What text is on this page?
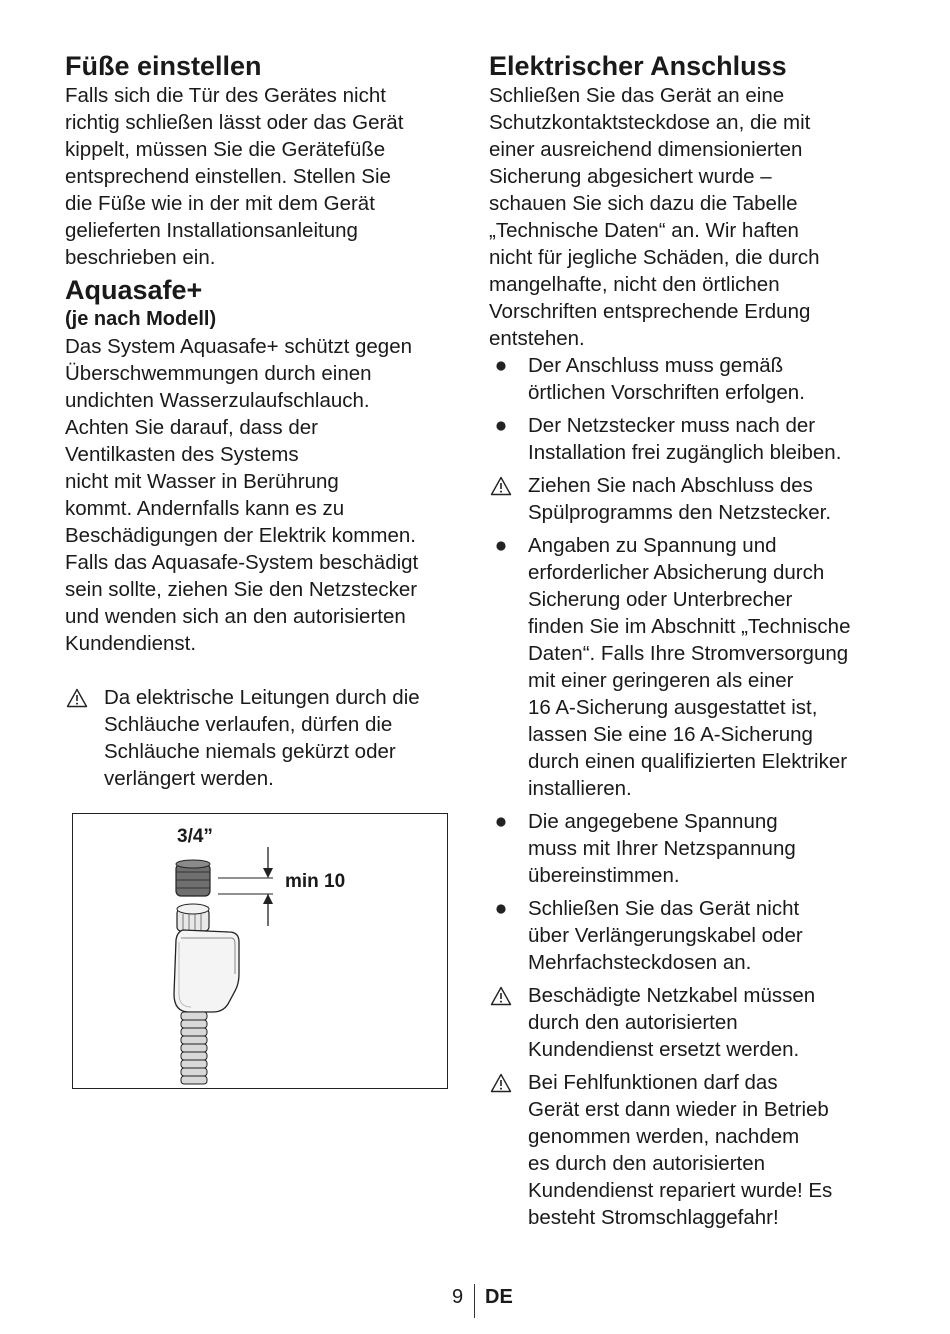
Füße einstellen
Falls sich die Tür des Gerätes nicht
richtig schließen lässt oder das Gerät
kippelt, müssen Sie die Gerätefüße
entsprechend einstellen. Stellen Sie
die Füße wie in der mit dem Gerät
gelieferten Installationsanleitung
beschrieben ein.
Aquasafe+
(je nach Modell)
Das System Aquasafe+ schützt gegen
Überschwemmungen durch einen
undichten Wasserzulaufschlauch.
Achten Sie darauf, dass der
Ventilkasten des Systems
nicht mit Wasser in Berührung
kommt. Andernfalls kann es zu
Beschädigungen der Elektrik kommen.
Falls das Aquasafe-System beschädigt
sein sollte, ziehen Sie den Netzstecker
und wenden sich an den autorisierten
Kundendienst.
Da elektrische Leitungen durch die
Schläuche verlaufen, dürfen die
Schläuche niemals gekürzt oder
verlängert werden.
3/4”
min 10
Elektrischer Anschluss
Schließen Sie das Gerät an eine
Schutzkontaktsteckdose an, die mit
einer ausreichend dimensionierten
Sicherung abgesichert wurde –
schauen Sie sich dazu die Tabelle
„Technische Daten“ an. Wir haften
nicht für jegliche Schäden, die durch
mangelhafte, nicht den örtlichen
Vorschriften entsprechende Erdung
entstehen.
Der Anschluss muss gemäß
örtlichen Vorschriften erfolgen.
Der Netzstecker muss nach der
Installation frei zugänglich bleiben.
Ziehen Sie nach Abschluss des
Spülprogramms den Netzstecker.
Angaben zu Spannung und
erforderlicher Absicherung durch
Sicherung oder Unterbrecher
finden Sie im Abschnitt „Technische
Daten“. Falls Ihre Stromversorgung
mit einer geringeren als einer
16 A-Sicherung ausgestattet ist,
lassen Sie eine 16 A-Sicherung
durch einen qualifizierten Elektriker
installieren.
Die angegebene Spannung
muss mit Ihrer Netzspannung
übereinstimmen.
Schließen Sie das Gerät nicht
über Verlängerungskabel oder
Mehrfachsteckdosen an.
Beschädigte Netzkabel müssen
durch den autorisierten
Kundendienst ersetzt werden.
Bei Fehlfunktionen darf das
Gerät erst dann wieder in Betrieb
genommen werden, nachdem
es durch den autorisierten
Kundendienst repariert wurde! Es
besteht Stromschlaggefahr!
9 DE
